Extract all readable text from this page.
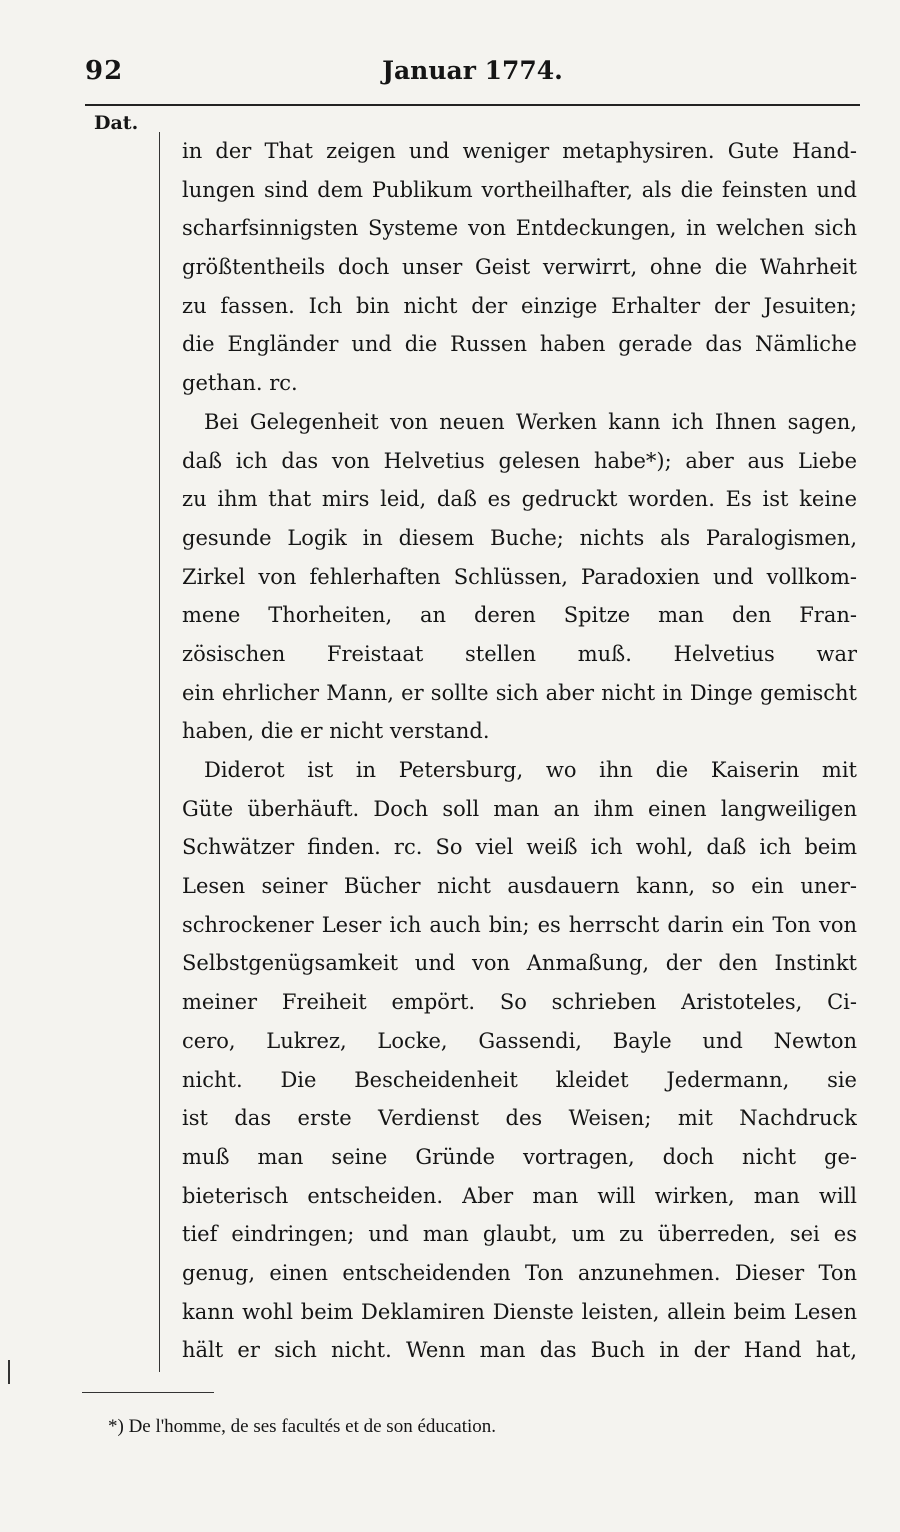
92	Januar 1774.
Dat.
in der That zeigen und weniger metaphysiren. Gute Hand-
lungen sind dem Publikum vortheilhafter, als die feinsten und
scharfsinnigsten Systeme von Entdeckungen, in welchen sich
größtentheils doch unser Geist verwirrt, ohne die Wahrheit
zu fassen. Ich bin nicht der einzige Erhalter der Jesuiten;
die Engländer und die Russen haben gerade das Nämliche
gethan. rc.
Bei Gelegenheit von neuen Werken kann ich Ihnen sagen,
daß ich das von Helvetius gelesen habe*); aber aus Liebe
zu ihm that mirs leid, daß es gedruckt worden. Es ist keine
gesunde Logik in diesem Buche; nichts als Paralogismen,
Zirkel von fehlerhaften Schlüssen, Paradoxien und vollkom-
mene Thorheiten, an deren Spitze man den Fran-
zösischen Freistaat stellen muß. Helvetius war
ein ehrlicher Mann, er sollte sich aber nicht in Dinge gemischt
haben, die er nicht verstand.
Diderot ist in Petersburg, wo ihn die Kaiserin mit
Güte überhäuft. Doch soll man an ihm einen langweiligen
Schwätzer finden. rc. So viel weiß ich wohl, daß ich beim
Lesen seiner Bücher nicht ausdauern kann, so ein uner-
schrockener Leser ich auch bin; es herrscht darin ein Ton von
Selbstgenügsamkeit und von Anmaßung, der den Instinkt
meiner Freiheit empört. So schrieben Aristoteles, Ci-
cero, Lukrez, Locke, Gassendi, Bayle und Newton
nicht. Die Bescheidenheit kleidet Jedermann, sie
ist das erste Verdienst des Weisen; mit Nachdruck
muß man seine Gründe vortragen, doch nicht ge-
bieterisch entscheiden. Aber man will wirken, man will
tief eindringen; und man glaubt, um zu überreden, sei es
genug, einen entscheidenden Ton anzunehmen. Dieser Ton
kann wohl beim Deklamiren Dienste leisten, allein beim Lesen
hält er sich nicht. Wenn man das Buch in der Hand hat,
*) De l'homme, de ses facultés et de son éducation.
